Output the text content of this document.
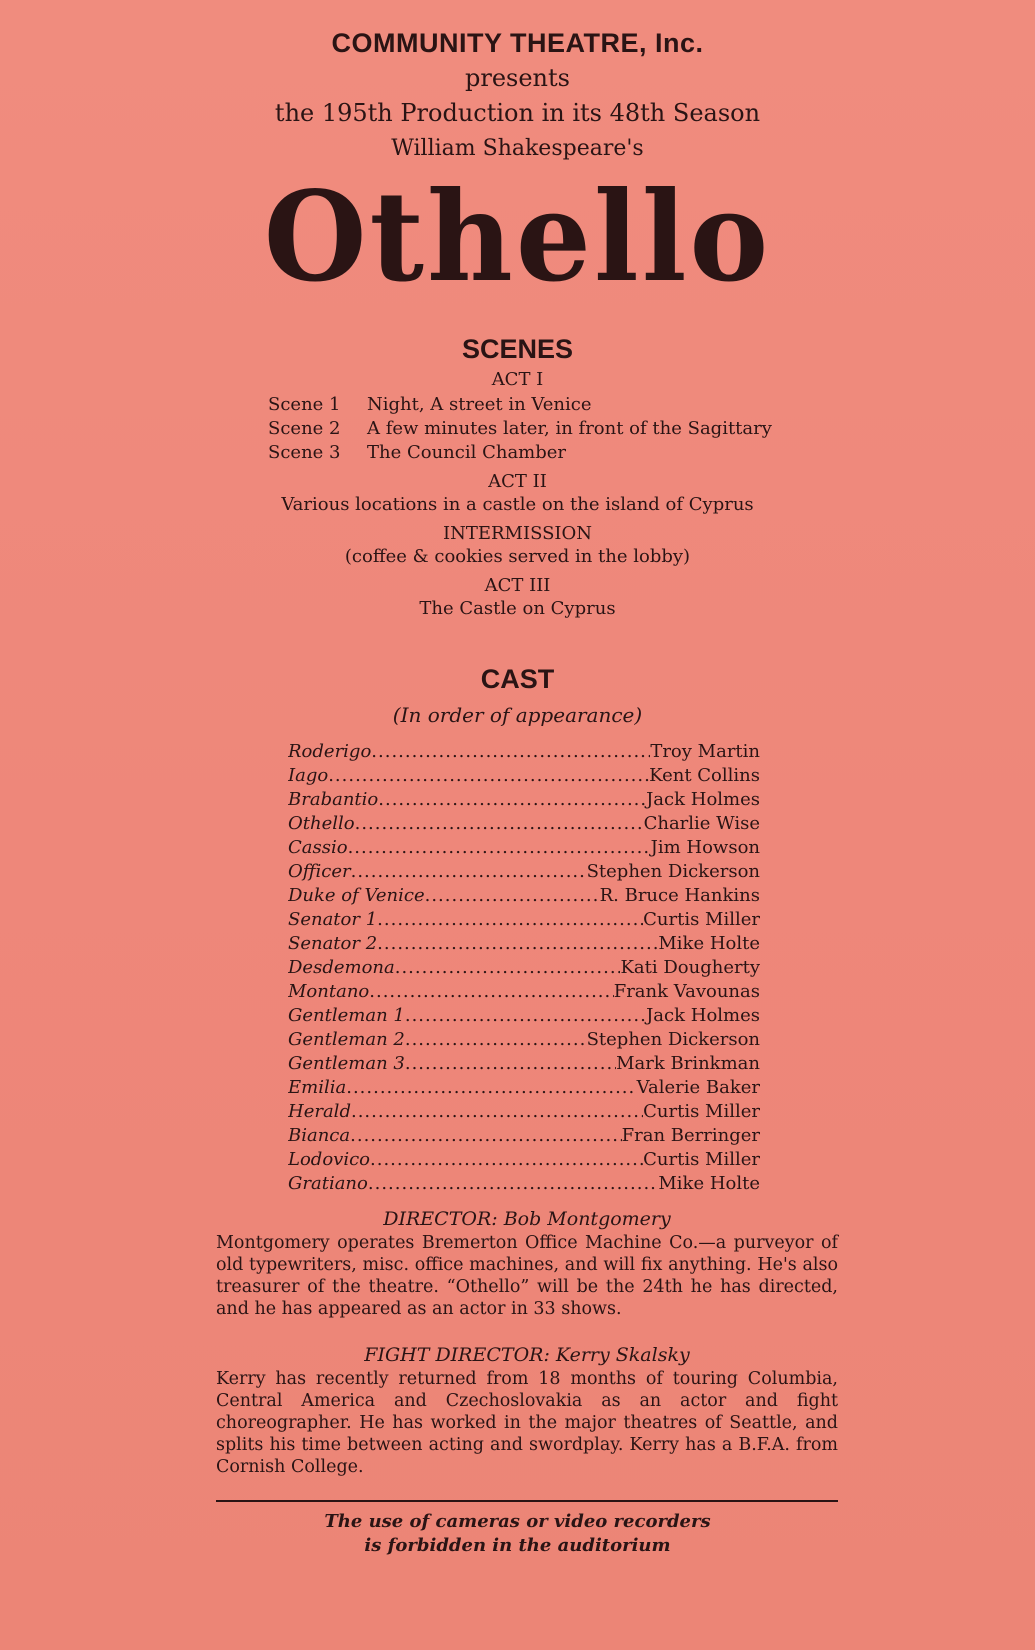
COMMUNITY THEATRE, Inc.

presents

the 195th Production in its 48th Season

William Shakespeare's

Othello

SCENES

ACT I

Scene 1	Night, A street in Venice
Scene 2	A few minutes later, in front of the Sagittary
Scene 3	The Council Chamber

ACT II

Various locations in a castle on the island of Cyprus

INTERMISSION

(coffee & cookies served in the lobby)

ACT III

The Castle on Cyprus

CAST

(In order of appearance)

Roderigo .....	Troy Martin
Iago .....	Kent Collins
Brabantio .....	Jack Holmes
Othello .....	Charlie Wise
Cassio .....	Jim Howson
Officer .....	Stephen Dickerson
Duke of Venice .....	R. Bruce Hankins
Senator 1 .....	Curtis Miller
Senator 2 .....	Mike Holte
Desdemona .....	Kati Dougherty
Montano .....	Frank Vavounas
Gentleman 1 .....	Jack Holmes
Gentleman 2 .....	Stephen Dickerson
Gentleman 3 .....	Mark Brinkman
Emilia .....	Valerie Baker
Herald .....	Curtis Miller
Bianca .....	Fran Berringer
Lodovico .....	Curtis Miller
Gratiano .....	Mike Holte

DIRECTOR: Bob Montgomery

Montgomery operates Bremerton Office Machine Co.—a purveyor of old typewriters, misc. office machines, and will fix anything. He's also treasurer of the theatre. “Othello” will be the 24th he has directed, and he has appeared as an actor in 33 shows.

FIGHT DIRECTOR: Kerry Skalsky

Kerry has recently returned from 18 months of touring Columbia, Central America and Czechoslovakia as an actor and fight choreographer. He has worked in the major theatres of Seattle, and splits his time between acting and swordplay. Kerry has a B.F.A. from Cornish College.

The use of cameras or video recorders
is forbidden in the auditorium
